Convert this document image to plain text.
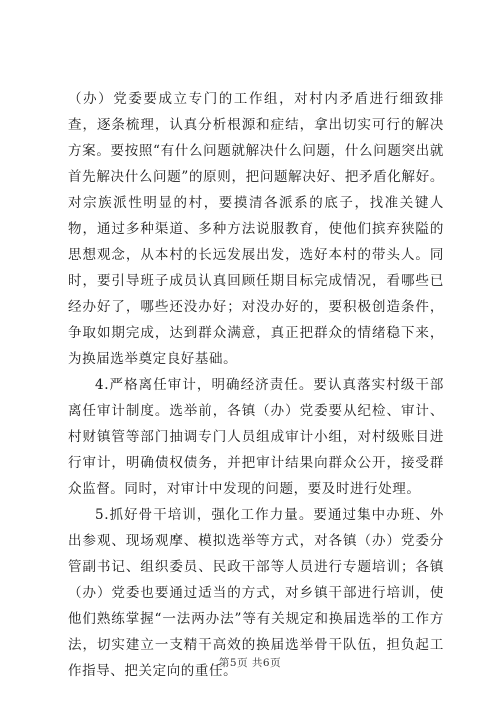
（办）党委要成立专门的工作组，对村内矛盾进行细致排查，逐条梳理，认真分析根源和症结，拿出切实可行的解决方案。要按照“有什么问题就解决什么问题，什么问题突出就首先解决什么问题”的原则，把问题解决好、把矛盾化解好。对宗族派性明显的村，要摸清各派系的底子，找准关键人物，通过多种渠道、多种方法说服教育，使他们摈弃狭隘的思想观念，从本村的长远发展出发，选好本村的带头人。同时，要引导班子成员认真回顾任期目标完成情况，看哪些已经办好了，哪些还没办好；对没办好的，要积极创造条件，争取如期完成，达到群众满意，真正把群众的情绪稳下来，为换届选举奠定良好基础。

4.严格离任审计，明确经济责任。要认真落实村级干部离任审计制度。选举前，各镇（办）党委要从纪检、审计、村财镇管等部门抽调专门人员组成审计小组，对村级账目进行审计，明确债权债务，并把审计结果向群众公开，接受群众监督。同时，对审计中发现的问题，要及时进行处理。

5.抓好骨干培训，强化工作力量。要通过集中办班、外出参观、现场观摩、模拟选举等方式，对各镇（办）党委分管副书记、组织委员、民政干部等人员进行专题培训；各镇（办）党委也要通过适当的方式，对乡镇干部进行培训，使他们熟练掌握“一法两办法”等有关规定和换届选举的工作方法，切实建立一支精干高效的换届选举骨干队伍，担负起工作指导、把关定向的重任。

第5页 共6页
